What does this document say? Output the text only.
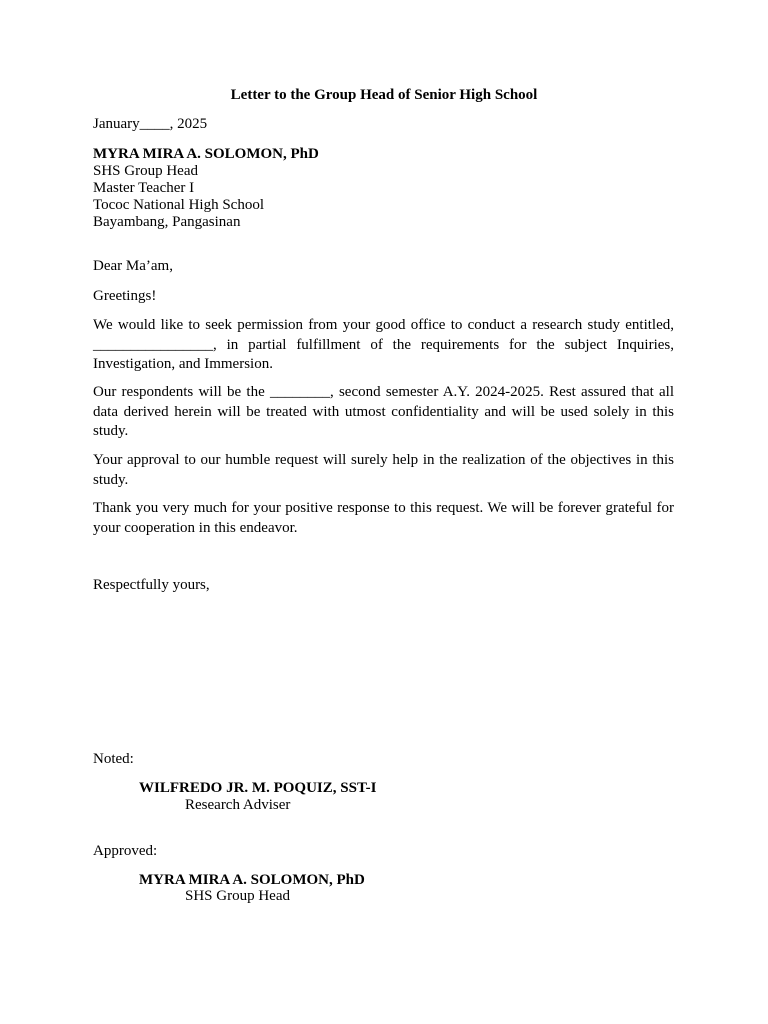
Letter to the Group Head of Senior High School
January____, 2025
MYRA MIRA A. SOLOMON, PhD
SHS Group Head
Master Teacher I
Tococ National High School
Bayambang, Pangasinan
Dear Ma’am,
Greetings!
We would like to seek permission from your good office to conduct a research study entitled, ________________, in partial fulfillment of the requirements for the subject Inquiries, Investigation, and Immersion.
Our respondents will be the ________, second semester A.Y. 2024-2025. Rest assured that all data derived herein will be treated with utmost confidentiality and will be used solely in this study.
Your approval to our humble request will surely help in the realization of the objectives in this study.
Thank you very much for your positive response to this request. We will be forever grateful for your cooperation in this endeavor.
Respectfully yours,
Noted:
WILFREDO JR. M. POQUIZ, SST-I
Research Adviser
Approved:
MYRA MIRA A. SOLOMON, PhD
SHS Group Head
